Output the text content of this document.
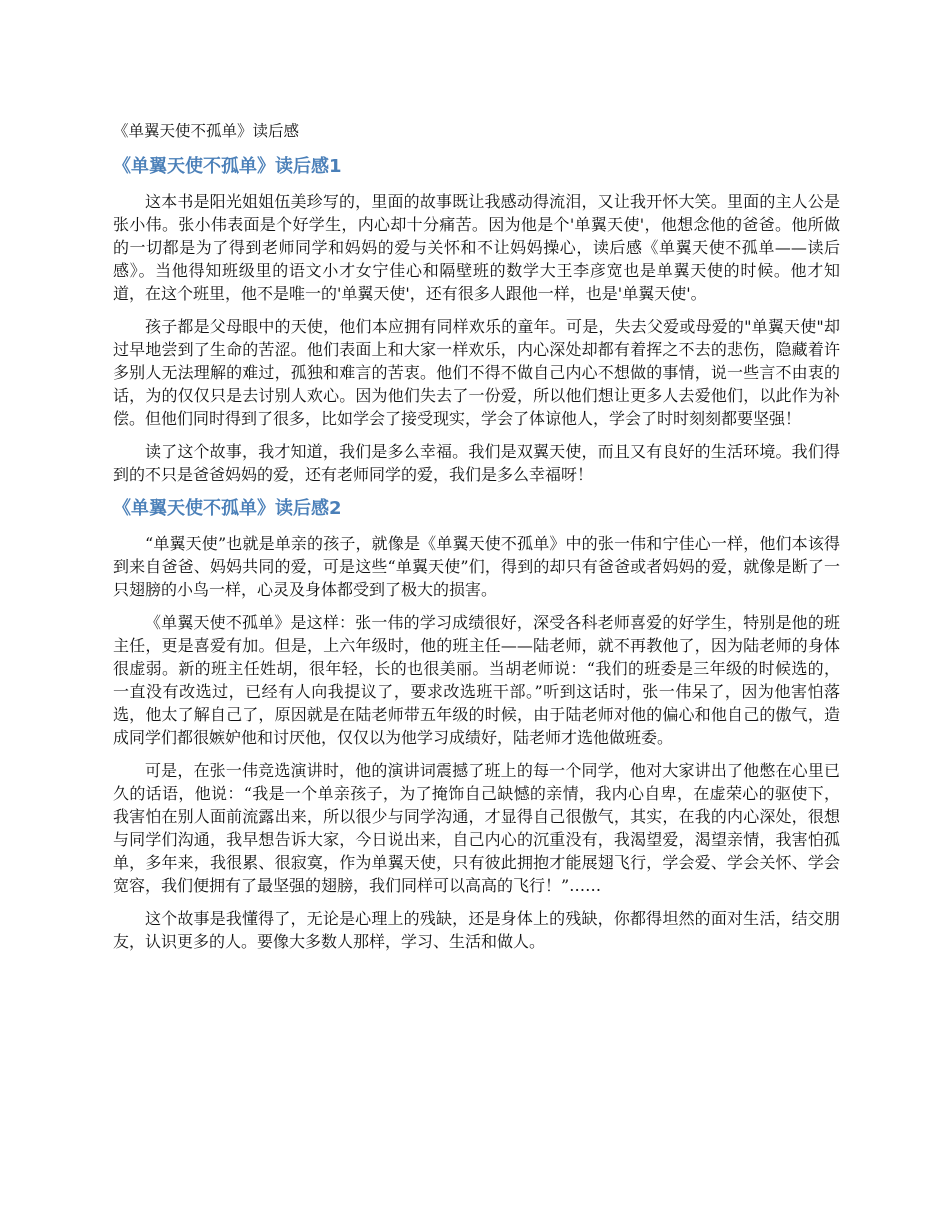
《单翼天使不孤单》读后感
《单翼天使不孤单》读后感1

这本书是阳光姐姐伍美珍写的，里面的故事既让我感动得流泪，又让我开怀大笑。里面的主人公是张小伟。张小伟表面是个好学生，内心却十分痛苦。因为他是个'单翼天使'，他想念他的爸爸。他所做的一切都是为了得到老师同学和妈妈的爱与关怀和不让妈妈操心，读后感《单翼天使不孤单——读后感》。当他得知班级里的语文小才女宁佳心和隔壁班的数学大王李彦宽也是单翼天使的时候。他才知道，在这个班里，他不是唯一的'单翼天使'，还有很多人跟他一样，也是'单翼天使'。

孩子都是父母眼中的天使，他们本应拥有同样欢乐的童年。可是，失去父爱或母爱的"单翼天使"却过早地尝到了生命的苦涩。他们表面上和大家一样欢乐，内心深处却都有着挥之不去的悲伤，隐藏着许多别人无法理解的难过，孤独和难言的苦衷。他们不得不做自己内心不想做的事情，说一些言不由衷的话，为的仅仅只是去讨别人欢心。因为他们失去了一份爱，所以他们想让更多人去爱他们，以此作为补偿。但他们同时得到了很多，比如学会了接受现实，学会了体谅他人，学会了时时刻刻都要坚强！

读了这个故事，我才知道，我们是多么幸福。我们是双翼天使，而且又有良好的生活环境。我们得到的不只是爸爸妈妈的爱，还有老师同学的爱，我们是多么幸福呀！

《单翼天使不孤单》读后感2

“单翼天使”也就是单亲的孩子，就像是《单翼天使不孤单》中的张一伟和宁佳心一样，他们本该得到来自爸爸、妈妈共同的爱，可是这些“单翼天使”们，得到的却只有爸爸或者妈妈的爱，就像是断了一只翅膀的小鸟一样，心灵及身体都受到了极大的损害。

《单翼天使不孤单》是这样：张一伟的学习成绩很好，深受各科老师喜爱的好学生，特别是他的班主任，更是喜爱有加。但是，上六年级时，他的班主任——陆老师，就不再教他了，因为陆老师的身体很虚弱。新的班主任姓胡，很年轻，长的也很美丽。当胡老师说：“我们的班委是三年级的时候选的，一直没有改选过，已经有人向我提议了，要求改选班干部。”听到这话时，张一伟呆了，因为他害怕落选，他太了解自己了，原因就是在陆老师带五年级的时候，由于陆老师对他的偏心和他自己的傲气，造成同学们都很嫉妒他和讨厌他，仅仅以为他学习成绩好，陆老师才选他做班委。

可是，在张一伟竞选演讲时，他的演讲词震撼了班上的每一个同学，他对大家讲出了他憋在心里已久的话语，他说：“我是一个单亲孩子，为了掩饰自己缺憾的亲情，我内心自卑，在虚荣心的驱使下，我害怕在别人面前流露出来，所以很少与同学沟通，才显得自己很傲气，其实，在我的内心深处，很想与同学们沟通，我早想告诉大家，今日说出来，自己内心的沉重没有，我渴望爱，渴望亲情，我害怕孤单，多年来，我很累、很寂寞，作为单翼天使，只有彼此拥抱才能展翅飞行，学会爱、学会关怀、学会宽容，我们便拥有了最坚强的翅膀，我们同样可以高高的飞行！”……

这个故事是我懂得了，无论是心理上的残缺，还是身体上的残缺，你都得坦然的面对生活，结交朋友，认识更多的人。要像大多数人那样，学习、生活和做人。
